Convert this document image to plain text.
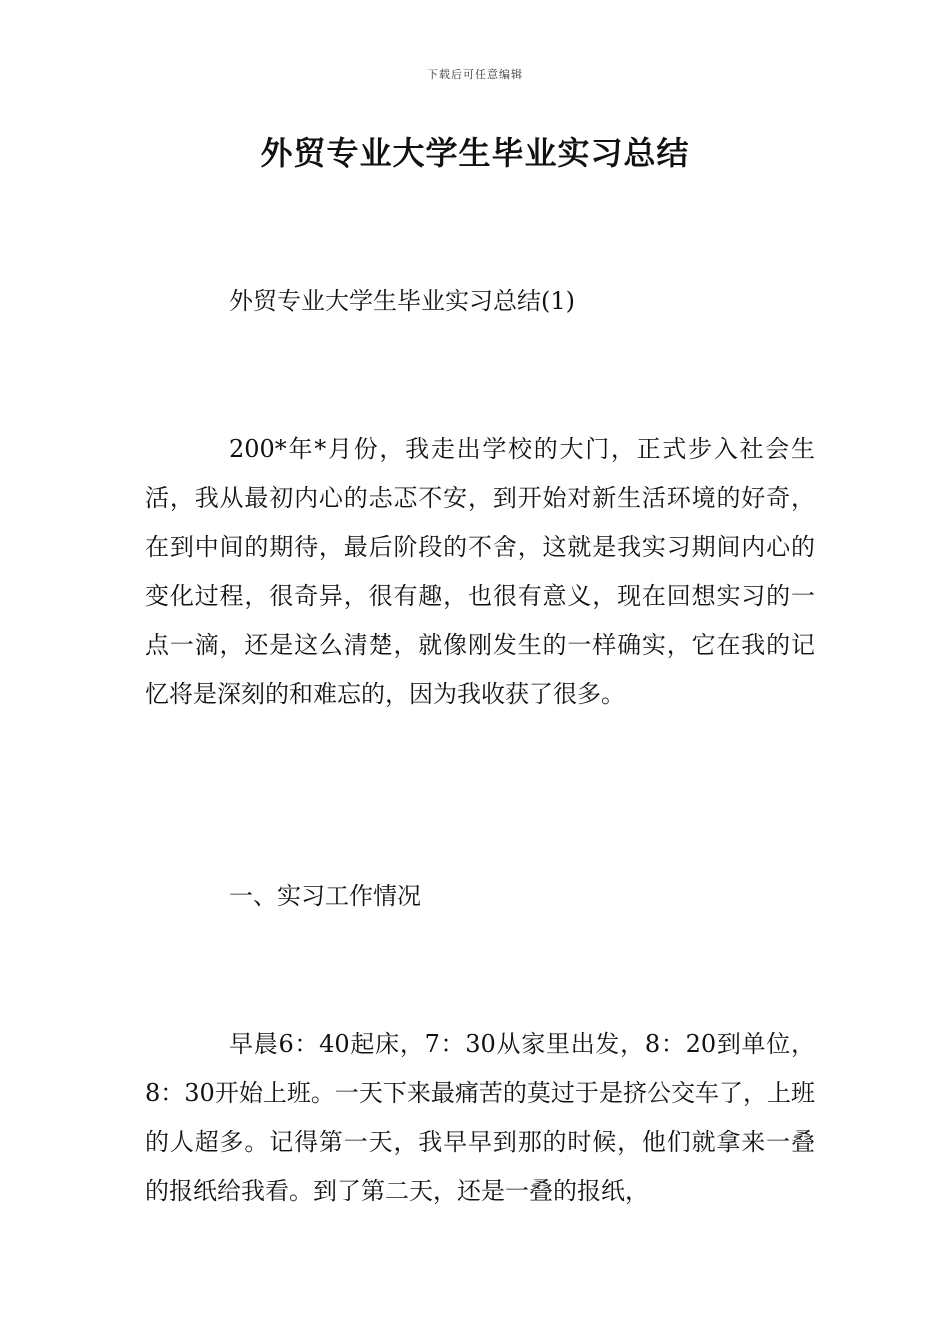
下载后可任意编辑
外贸专业大学生毕业实习总结

外贸专业大学生毕业实习总结(1)

200*年*月份，我走出学校的大门，正式步入社会生活，我从最初内心的忐忑不安，到开始对新生活环境的好奇，在到中间的期待，最后阶段的不舍，这就是我实习期间内心的变化过程，很奇异，很有趣，也很有意义，现在回想实习的一点一滴，还是这么清楚，就像刚发生的一样确实，它在我的记忆将是深刻的和难忘的，因为我收获了很多。

一、实习工作情况

早晨6：40起床，7：30从家里出发，8：20到单位，8：30开始上班。一天下来最痛苦的莫过于是挤公交车了，上班的人超多。记得第一天，我早早到那的时候，他们就拿来一叠的报纸给我看。到了第二天，还是一叠的报纸，
